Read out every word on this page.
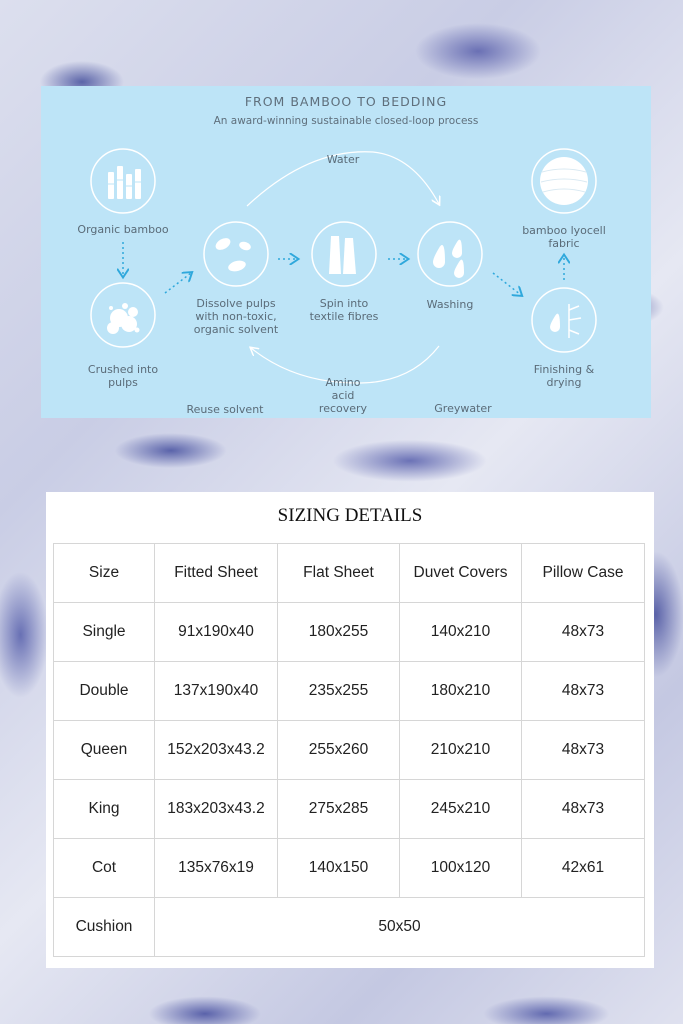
FROM BAMBOO TO BEDDING
An award-winning sustainable closed-loop process
Organic bamboo
Crushed into
pulps
Dissolve pulps
with non-toxic,
organic solvent
Spin into
textile fibres
Washing
Finishing &
drying
bamboo lyocell
fabric
Water
Amino
acid
recovery
Reuse solvent	Greywater
SIZING DETAILS
Size	Fitted Sheet	Flat Sheet	Duvet Covers	Pillow Case
Single	91x190x40	180x255	140x210	48x73
Double	137x190x40	235x255	180x210	48x73
Queen	152x203x43.2	255x260	210x210	48x73
King	183x203x43.2	275x285	245x210	48x73
Cot	135x76x19	140x150	100x120	42x61
Cushion	50x50			
